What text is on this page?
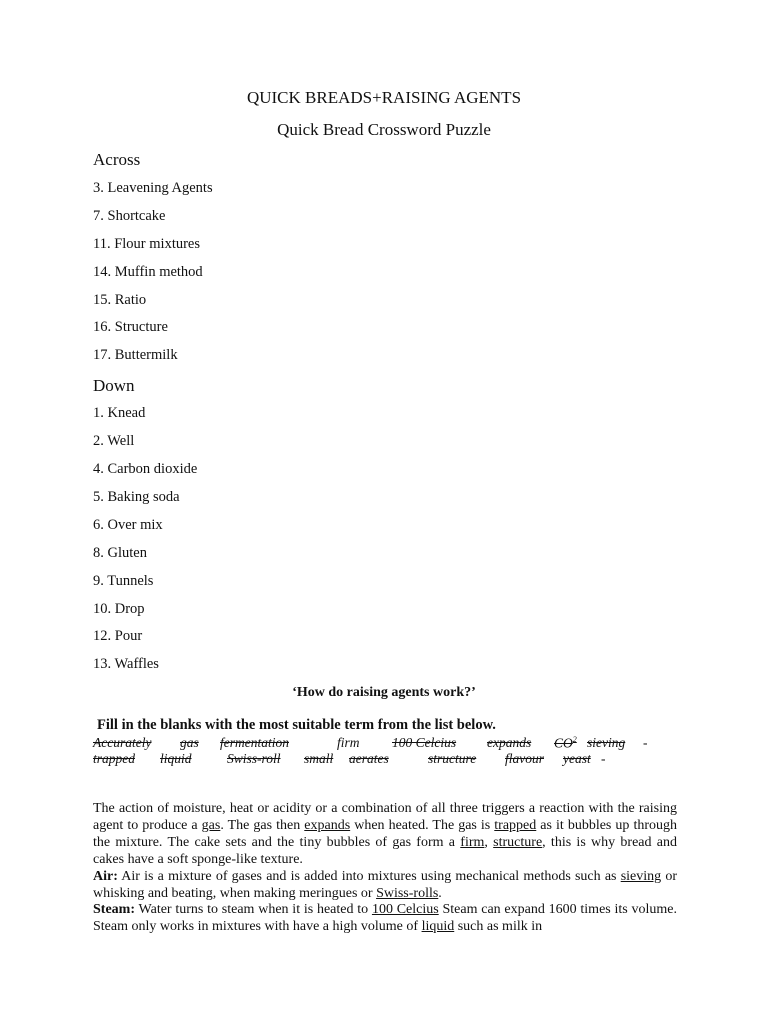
QUICK BREADS+RAISING AGENTS
Quick Bread Crossword Puzzle
Across
3. Leavening Agents
7. Shortcake
11. Flour mixtures
14. Muffin method
15. Ratio
16. Structure
17. Buttermilk
Down
1. Knead
2. Well
4. Carbon dioxide
5. Baking soda
6. Over mix
8. Gluten
9. Tunnels
10. Drop
12. Pour
13. Waffles
‘How do raising agents work?’
Fill in the blanks with the most suitable term from the list below.
Accurately gas fermentation	firm 100 Celcius expands $CO^2$ sieving -
trapped liquid	Swiss-roll small aerates	structure flavour yeast -

The action of moisture, heat or acidity or a combination of all three triggers a reaction with the raising agent to produce a gas. The gas then expands when heated. The gas is trapped as it bubbles up through the mixture. The cake sets and the tiny bubbles of gas form a firm, structure, this is why bread and cakes have a soft sponge-like texture.

Air: Air is a mixture of gases and is added into mixtures using mechanical methods such as sieving or whisking and beating, when making meringues or Swiss-rolls.

Steam: Water turns to steam when it is heated to 100 Celcius Steam can expand 1600 times its volume. Steam only works in mixtures with have a high volume of liquid such as milk in
